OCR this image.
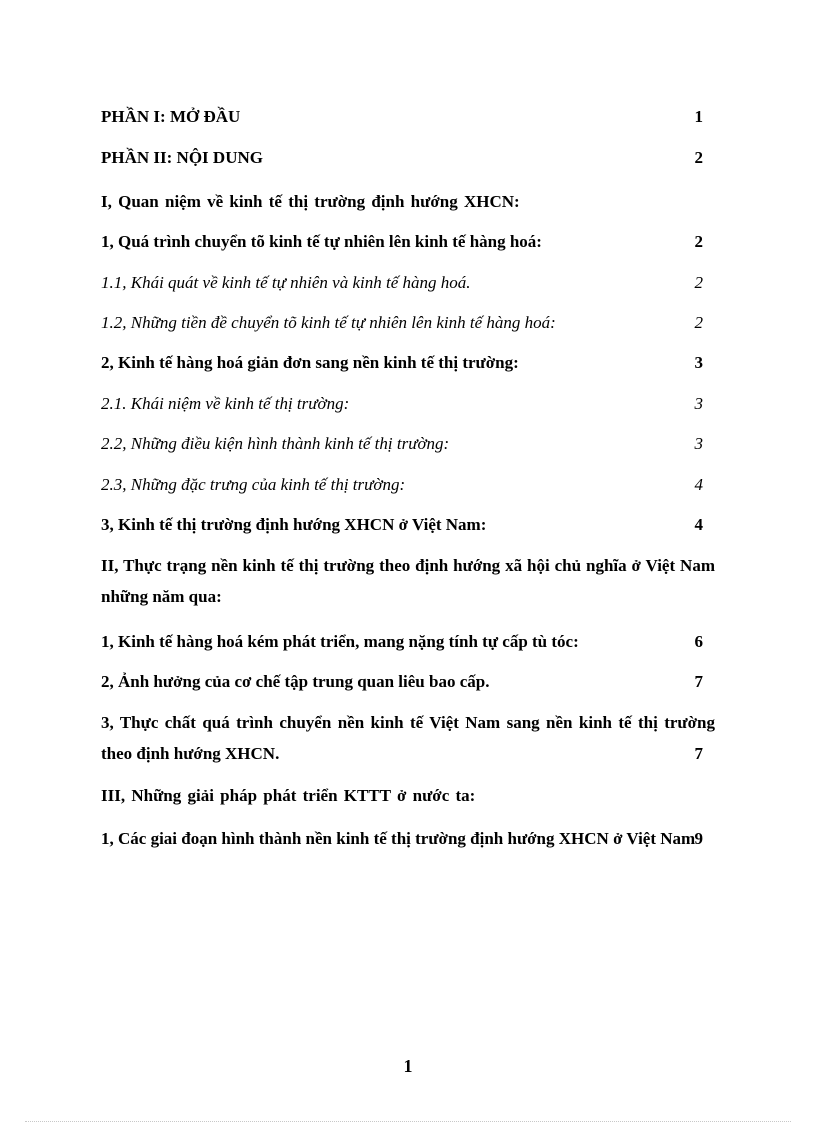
PHẦN I: MỞ ĐẦU	1
PHẦN II: NỘI DUNG	2
I, Quan niệm về kinh tế thị trường định hướng XHCN:
1, Quá trình chuyển tõ kinh tế tự nhiên lên kinh tế hàng hoá:	2
1.1, Khái quát về kinh tế tự nhiên và kinh tế hàng hoá.	2
1.2, Những tiền đề chuyển tõ kinh tế tự nhiên lên kinh tế hàng hoá:	2
2, Kinh tế hàng hoá giản đơn sang nền kinh tế thị trường:	3
2.1. Khái niệm về kinh tế thị trường:	3
2.2, Những điều kiện hình thành kinh tế thị trường:	3
2.3, Những đặc trưng của kinh tế thị trường:	4
3, Kinh tế thị trường định hướng XHCN ở Việt Nam:	4
II, Thực trạng nền kinh tế thị trường theo định hướng xã hội chủ nghĩa ở Việt Nam những năm qua:
1, Kinh tế hàng hoá kém phát triển, mang nặng tính tự cấp tù tóc:	6
2, Ảnh hưởng của cơ chế tập trung quan liêu bao cấp.	7
3, Thực chất quá trình chuyển nền kinh tế Việt Nam sang nền kinh tế thị trường theo định hướng XHCN.	7
III, Những giải pháp phát triển KTTT ở nước ta:
1, Các giai đoạn hình thành nền kinh tế thị trường định hướng XHCN ở Việt Nam 9
1
